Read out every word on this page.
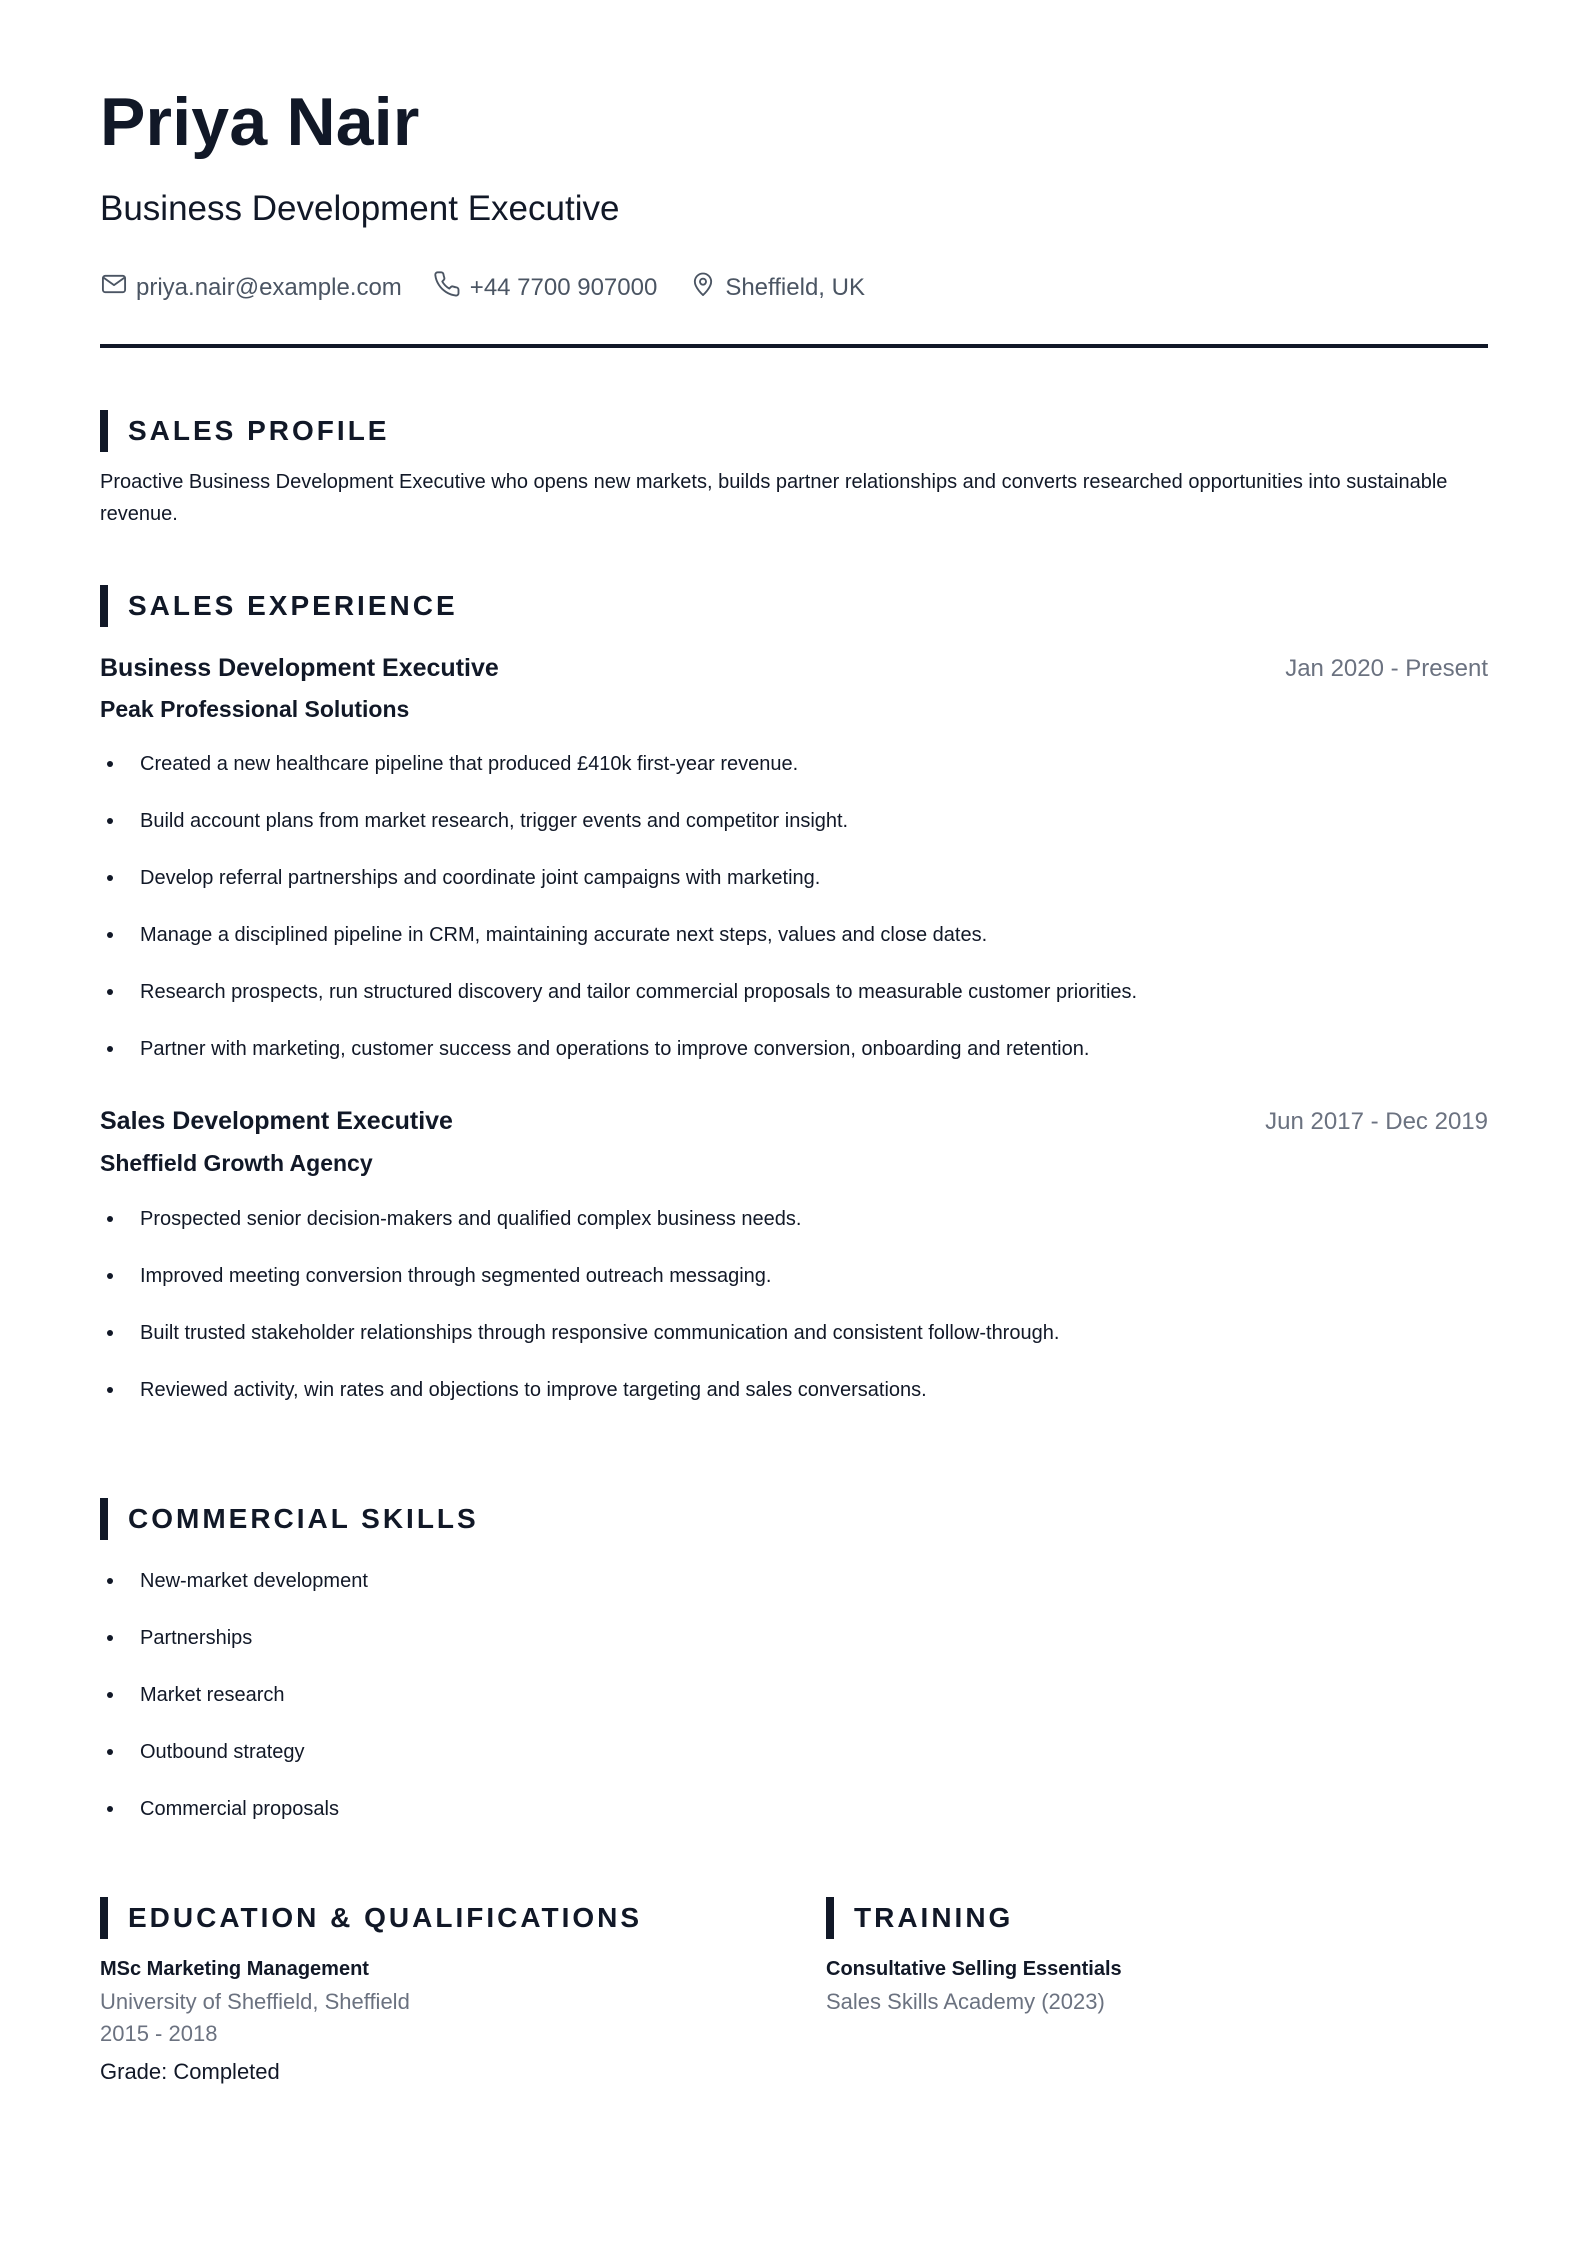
Priya Nair
Business Development Executive
priya.nair@example.com	+44 7700 907000	Sheffield, UK
SALES PROFILE

Proactive Business Development Executive who opens new markets, builds partner relationships and converts researched opportunities into sustainable revenue.

SALES EXPERIENCE

Business Development Executive	Jan 2020 - Present

Peak Professional Solutions

Created a new healthcare pipeline that produced £410k first-year revenue.
Build account plans from market research, trigger events and competitor insight.
Develop referral partnerships and coordinate joint campaigns with marketing.
Manage a disciplined pipeline in CRM, maintaining accurate next steps, values and close dates.
Research prospects, run structured discovery and tailor commercial proposals to measurable customer priorities.
Partner with marketing, customer success and operations to improve conversion, onboarding and retention.

Sales Development Executive	Jun 2017 - Dec 2019

Sheffield Growth Agency

Prospected senior decision-makers and qualified complex business needs.
Improved meeting conversion through segmented outreach messaging.
Built trusted stakeholder relationships through responsive communication and consistent follow-through.
Reviewed activity, win rates and objections to improve targeting and sales conversations.
COMMERCIAL SKILLS
New-market development
Partnerships
Market research
Outbound strategy
Commercial proposals
EDUCATION & QUALIFICATIONS

MSc Marketing Management

University of Sheffield, Sheffield

2015 - 2018

Grade: Completed

TRAINING

Consultative Selling Essentials

Sales Skills Academy (2023)
